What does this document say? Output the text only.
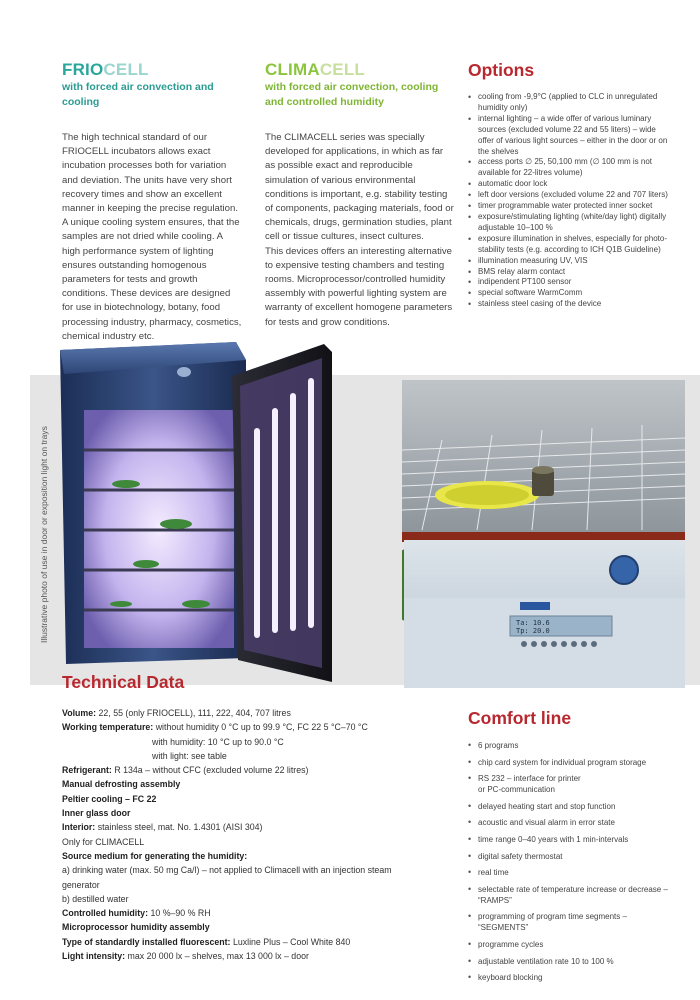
FRIOCELL
with forced air convection and cooling
The high technical standard of our FRIOCELL incubators allows exact incubation processes both for variation and deviation. The units have very short recovery times and show an excellent manner in keeping the precise regulation.
A unique cooling system ensures, that the samples are not dried while cooling. A high performance system of lighting ensures outstanding homogenous parameters for tests and growth conditions. These devices are designed for use in biotechnology, botany, food processing industry, pharmacy, cosmetics, chemical industry etc.
CLIMACELL
with forced air convection, cooling and controlled humidity
The CLIMACELL series was specially developed for applications, in which as far as possible exact and reproducible simulation of various environmental conditions is important, e.g. stability testing of components, packaging materials, food or chemicals, drugs, germination studies, plant cell or tissue cultures, insect cultures.
This devices offers an interesting alternative to expensive testing chambers and testing rooms. Microprocessor/controlled humidity assembly with powerful lighting system are warranty of excellent homogene parameters for tests and grow conditions.
Options
• cooling from -9,9°C (applied to CLC in unregulated humidity only)
• internal lighting – a wide offer of various luminary sources (excluded volume 22 and 55 liters) – wide offer of various light sources – either in the door or on the shelves
• access ports ∅ 25, 50,100 mm (∅ 100 mm is not available for 22-litres volume)
• automatic door lock
• left door versions (excluded volume 22 and 707 liters)
• timer programmable water protected inner socket
• exposure/stimulating lighting (white/day light) digitally adjustable 10–100 %
• exposure illumination in shelves, especially for photo-stability tests (e.g. according to ICH Q1B Guideline)
• illumination measuring UV, VIS
• BMS relay alarm contact
• indipendent PT100 sensor
• special software WarmComm
• stainless steel casing of the device
Illustrative photo of use in door or exposition light on trays	Ta: 10.6
Tp: 20.0
Technical Data

Volume: 22, 55 (only FRIOCELL), 111, 222, 404, 707 litres

Working temperature: without humidity 0 °C up to 99.9 °C, FC 22 5 °C–70 °C

with humidity: 10 °C up to 90.0 °C

with light: see table

Refrigerant: R 134a – without CFC (excluded volume 22 litres)

Manual defrosting assembly

Peltier cooling – FC 22

Inner glass door

Interior: stainless steel, mat. No. 1.4301 (AISI 304)

Only for CLIMACELL

Source medium for generating the humidity:

a) drinking water (max. 50 mg Ca/l) – not applied to Climacell with an injection steam generator

b) destilled water

Controlled humidity: 10 %–90 % RH

Microprocessor humidity assembly

Type of standardly installed fluorescent: Luxline Plus – Cool White 840

Light intensity: max 20 000 lx – shelves, max 13 000 lx – door

Comfort line
• 6 programs
• chip card system for individual program storage
• RS 232 – interface for printer
or PC-communication
• delayed heating start and stop function
• acoustic and visual alarm in error state
• time range 0–40 years with 1 min-intervals
• digital safety thermostat
• real time
• selectable rate of temperature increase or decrease – “RAMPS”
• programming of program time segments – “SEGMENTS”
• programme cycles
• adjustable ventilation rate 10 to 100 %
• keyboard blocking
